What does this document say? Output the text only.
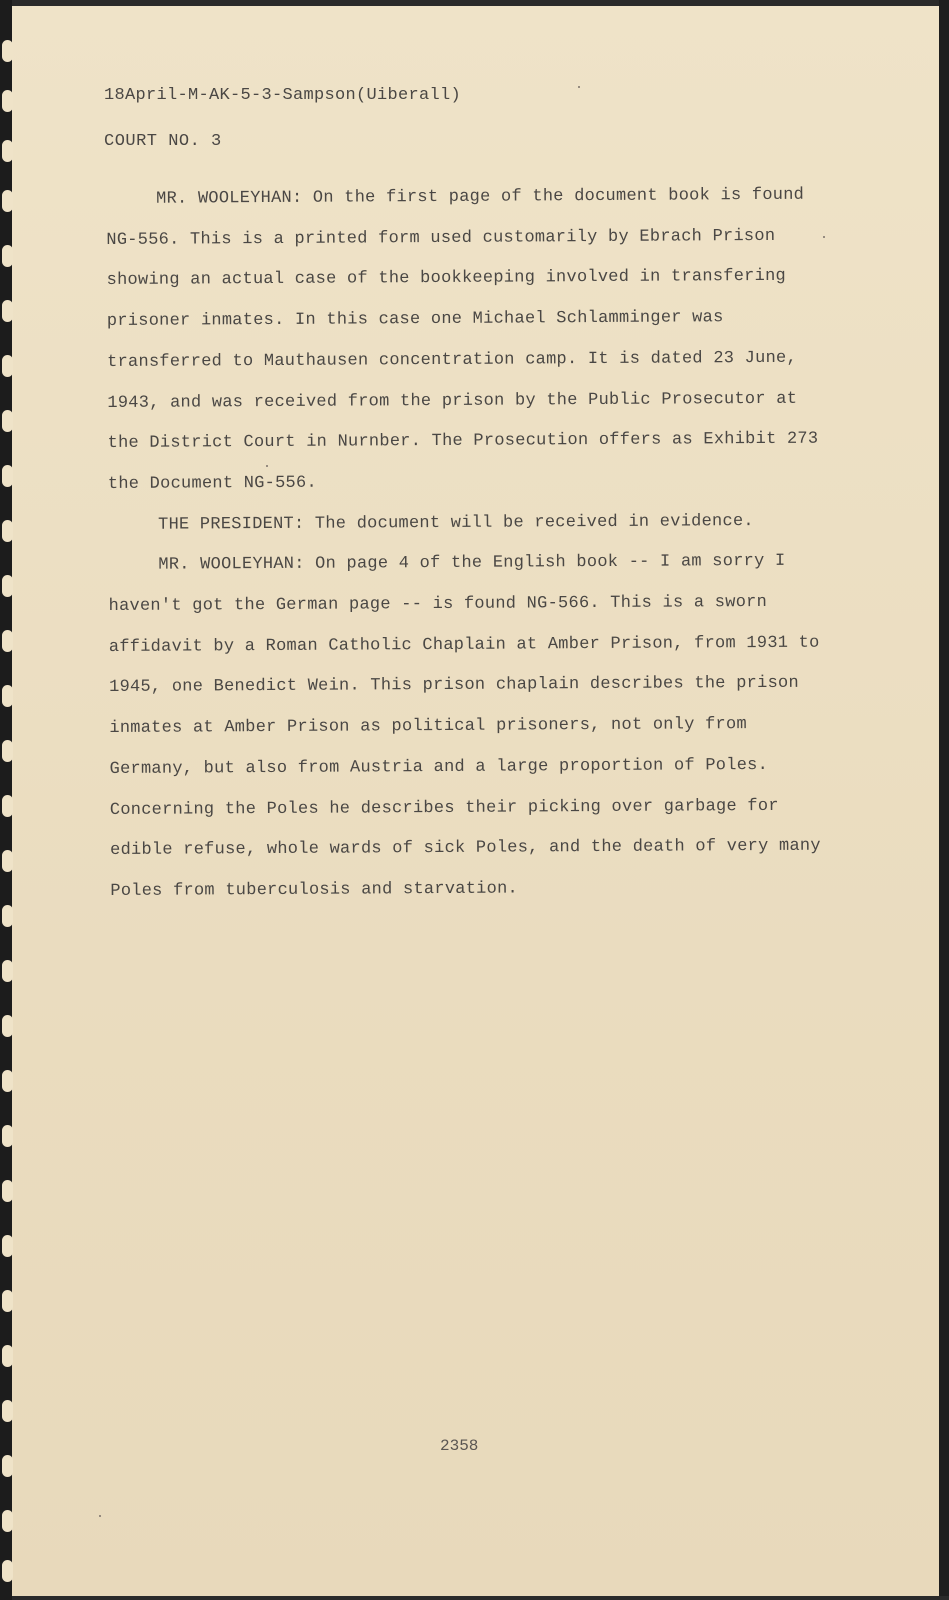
18April-M-AK-5-3-Sampson(Uiberall)
COURT NO. 3

MR. WOOLEYHAN: On the first page of the document book is found NG-556. This is a printed form used customarily by Ebrach Prison showing an actual case of the bookkeeping involved in transfering prisoner inmates. In this case one Michael Schlamminger was transferred to Mauthausen concentration camp. It is dated 23 June, 1943, and was received from the prison by the Public Prosecutor at the District Court in Nurnber. The Prosecution offers as Exhibit 273 the Document NG-556.

THE PRESIDENT: The document will be received in evidence.

MR. WOOLEYHAN: On page 4 of the English book -- I am sorry I haven't got the German page -- is found NG-566. This is a sworn affidavit by a Roman Catholic Chaplain at Amber Prison, from 1931 to 1945, one Benedict Wein. This prison chaplain describes the prison inmates at Amber Prison as political prisoners, not only from Germany, but also from Austria and a large proportion of Poles. Concerning the Poles he describes their picking over garbage for edible refuse, whole wards of sick Poles, and the death of very many Poles from tuberculosis and starvation.

2358
